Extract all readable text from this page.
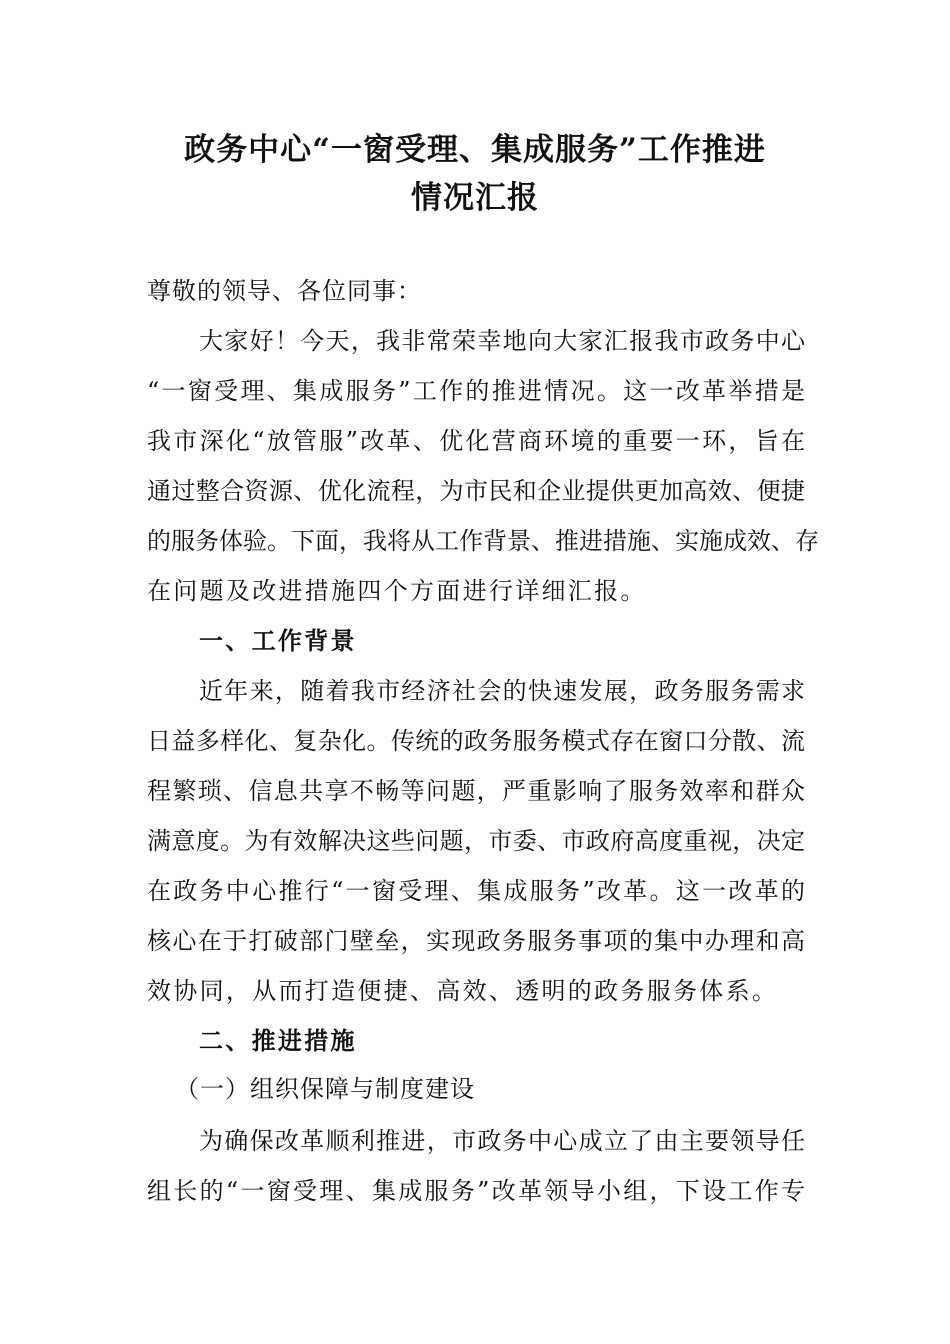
政务中心“一窗受理、集成服务”工作推进
情况汇报
尊敬的领导、各位同事：
大家好！今天，我非常荣幸地向大家汇报我市政务中心
“一窗受理、集成服务”工作的推进情况。这一改革举措是
我市深化“放管服”改革、优化营商环境的重要一环，旨在
通过整合资源、优化流程，为市民和企业提供更加高效、便捷
的服务体验。下面，我将从工作背景、推进措施、实施成效、存
在问题及改进措施四个方面进行详细汇报。
一、工作背景
近年来，随着我市经济社会的快速发展，政务服务需求
日益多样化、复杂化。传统的政务服务模式存在窗口分散、流
程繁琐、信息共享不畅等问题，严重影响了服务效率和群众
满意度。为有效解决这些问题，市委、市政府高度重视，决定
在政务中心推行“一窗受理、集成服务”改革。这一改革的
核心在于打破部门壁垒，实现政务服务事项的集中办理和高
效协同，从而打造便捷、高效、透明的政务服务体系。
二、推进措施
（一）组织保障与制度建设
为确保改革顺利推进，市政务中心成立了由主要领导任
组长的“一窗受理、集成服务”改革领导小组，下设工作专
